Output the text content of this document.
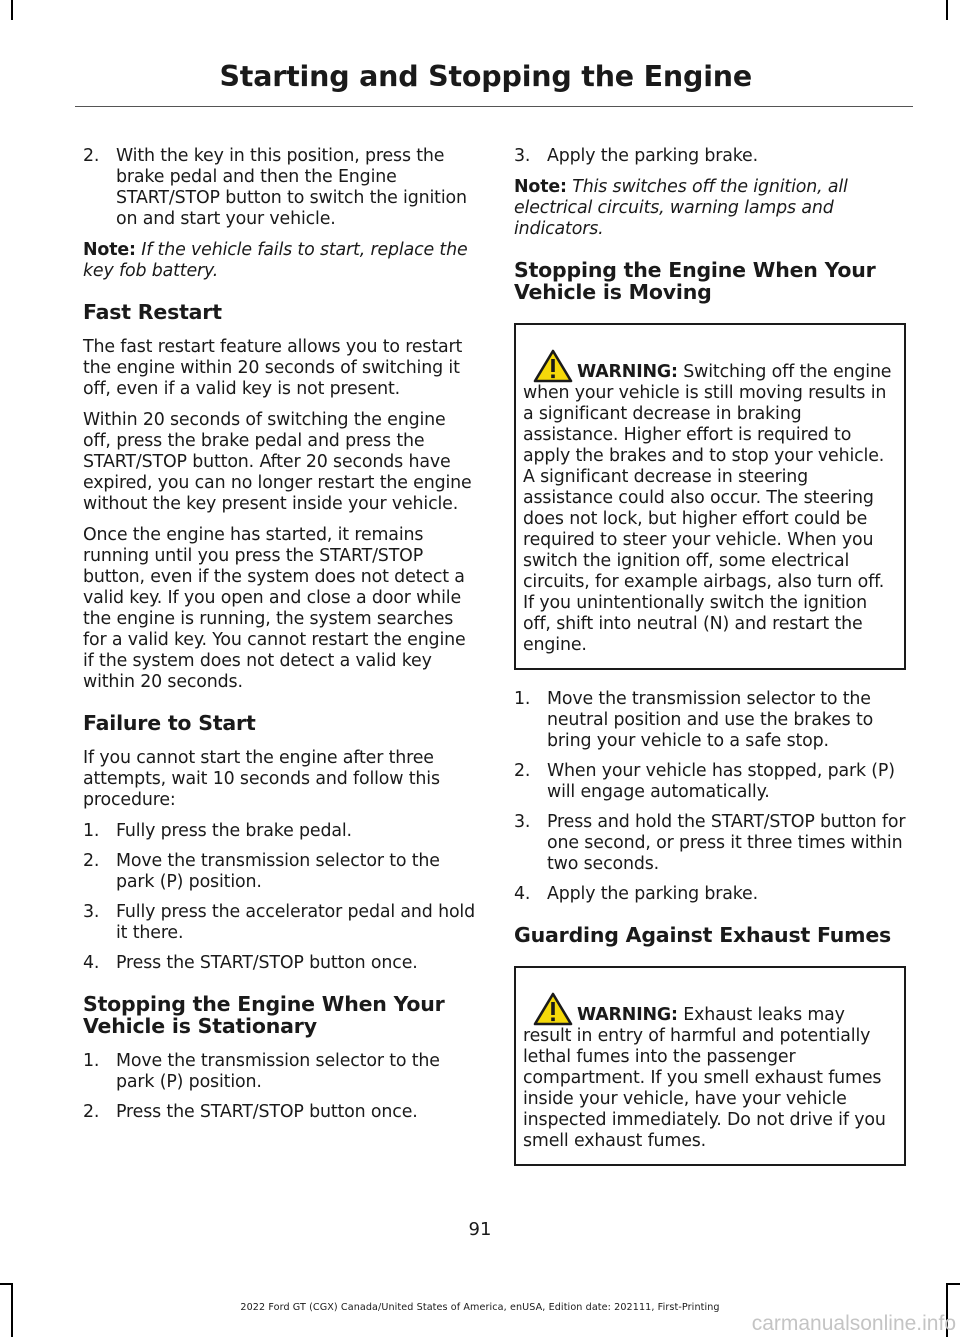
Starting and Stopping the Engine
2. With the key in this position, press the brake pedal and then the Engine START/STOP button to switch the ignition on and start your vehicle.

Note: If the vehicle fails to start, replace the key fob battery.

Fast Restart

The fast restart feature allows you to restart the engine within 20 seconds of switching it off, even if a valid key is not present.

Within 20 seconds of switching the engine off, press the brake pedal and press the START/STOP button. After 20 seconds have expired, you can no longer restart the engine without the key present inside your vehicle.

Once the engine has started, it remains running until you press the START/STOP button, even if the system does not detect a valid key. If you open and close a door while the engine is running, the system searches for a valid key. You cannot restart the engine if the system does not detect a valid key within 20 seconds.

Failure to Start

If you cannot start the engine after three attempts, wait 10 seconds and follow this procedure:

1. Fully press the brake pedal.
2. Move the transmission selector to the park (P) position.
3. Fully press the accelerator pedal and hold it there.
4. Press the START/STOP button once.
Stopping the Engine When Your Vehicle is Stationary
1. Move the transmission selector to the park (P) position.
2. Press the START/STOP button once.
3. Apply the parking brake.

Note: This switches off the ignition, all electrical circuits, warning lamps and indicators.

Stopping the Engine When Your Vehicle is Moving

WARNING: Switching off the engine when your vehicle is still moving results in a significant decrease in braking assistance. Higher effort is required to apply the brakes and to stop your vehicle. A significant decrease in steering assistance could also occur. The steering does not lock, but higher effort could be required to steer your vehicle. When you switch the ignition off, some electrical circuits, for example airbags, also turn off. If you unintentionally switch the ignition off, shift into neutral (N) and restart the engine.

1. Move the transmission selector to the neutral position and use the brakes to bring your vehicle to a safe stop.
2. When your vehicle has stopped, park (P) will engage automatically.
3. Press and hold the START/STOP button for one second, or press it three times within two seconds.
4. Apply the parking brake.
Guarding Against Exhaust Fumes

WARNING: Exhaust leaks may result in entry of harmful and potentially lethal fumes into the passenger compartment. If you smell exhaust fumes inside your vehicle, have your vehicle inspected immediately. Do not drive if you smell exhaust fumes.

91
2022 Ford GT (CGX) Canada/United States of America, enUSA, Edition date: 202111, First-Printing
carmanualsonline.info
